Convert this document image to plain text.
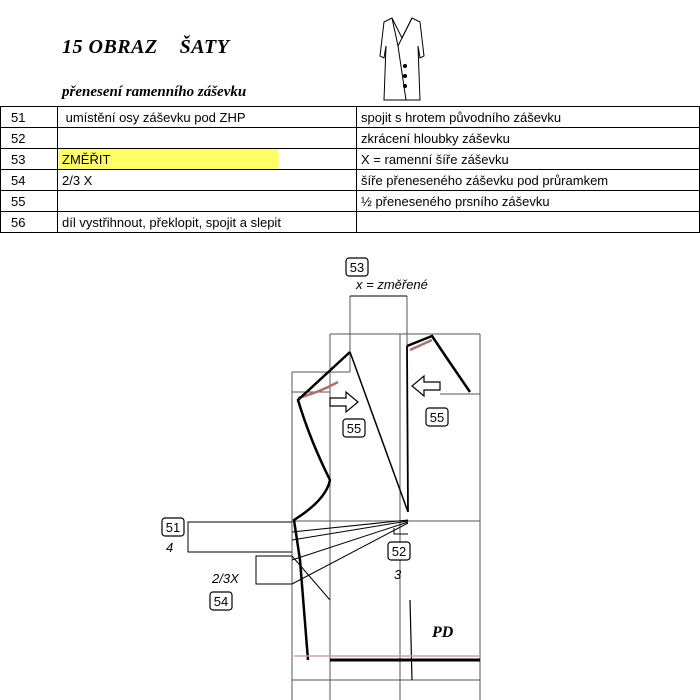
15 OBRAZ    ŠATY
přenesení ramenního záševku
51	umístění osy záševku pod ZHP	spojit s hrotem původního záševku
52		zkrácení hloubky záševku
53	ZMĚŘIT	X = ramenní šíře záševku
54	2/3 X	šíře přeneseného záševku pod průramkem
55		½ přeneseného prsního záševku
56	díl vystřihnout, překlopit, spojit a slepit	
53
55
55
51
52
54
x = změřené
4
3
2/3X
PD
